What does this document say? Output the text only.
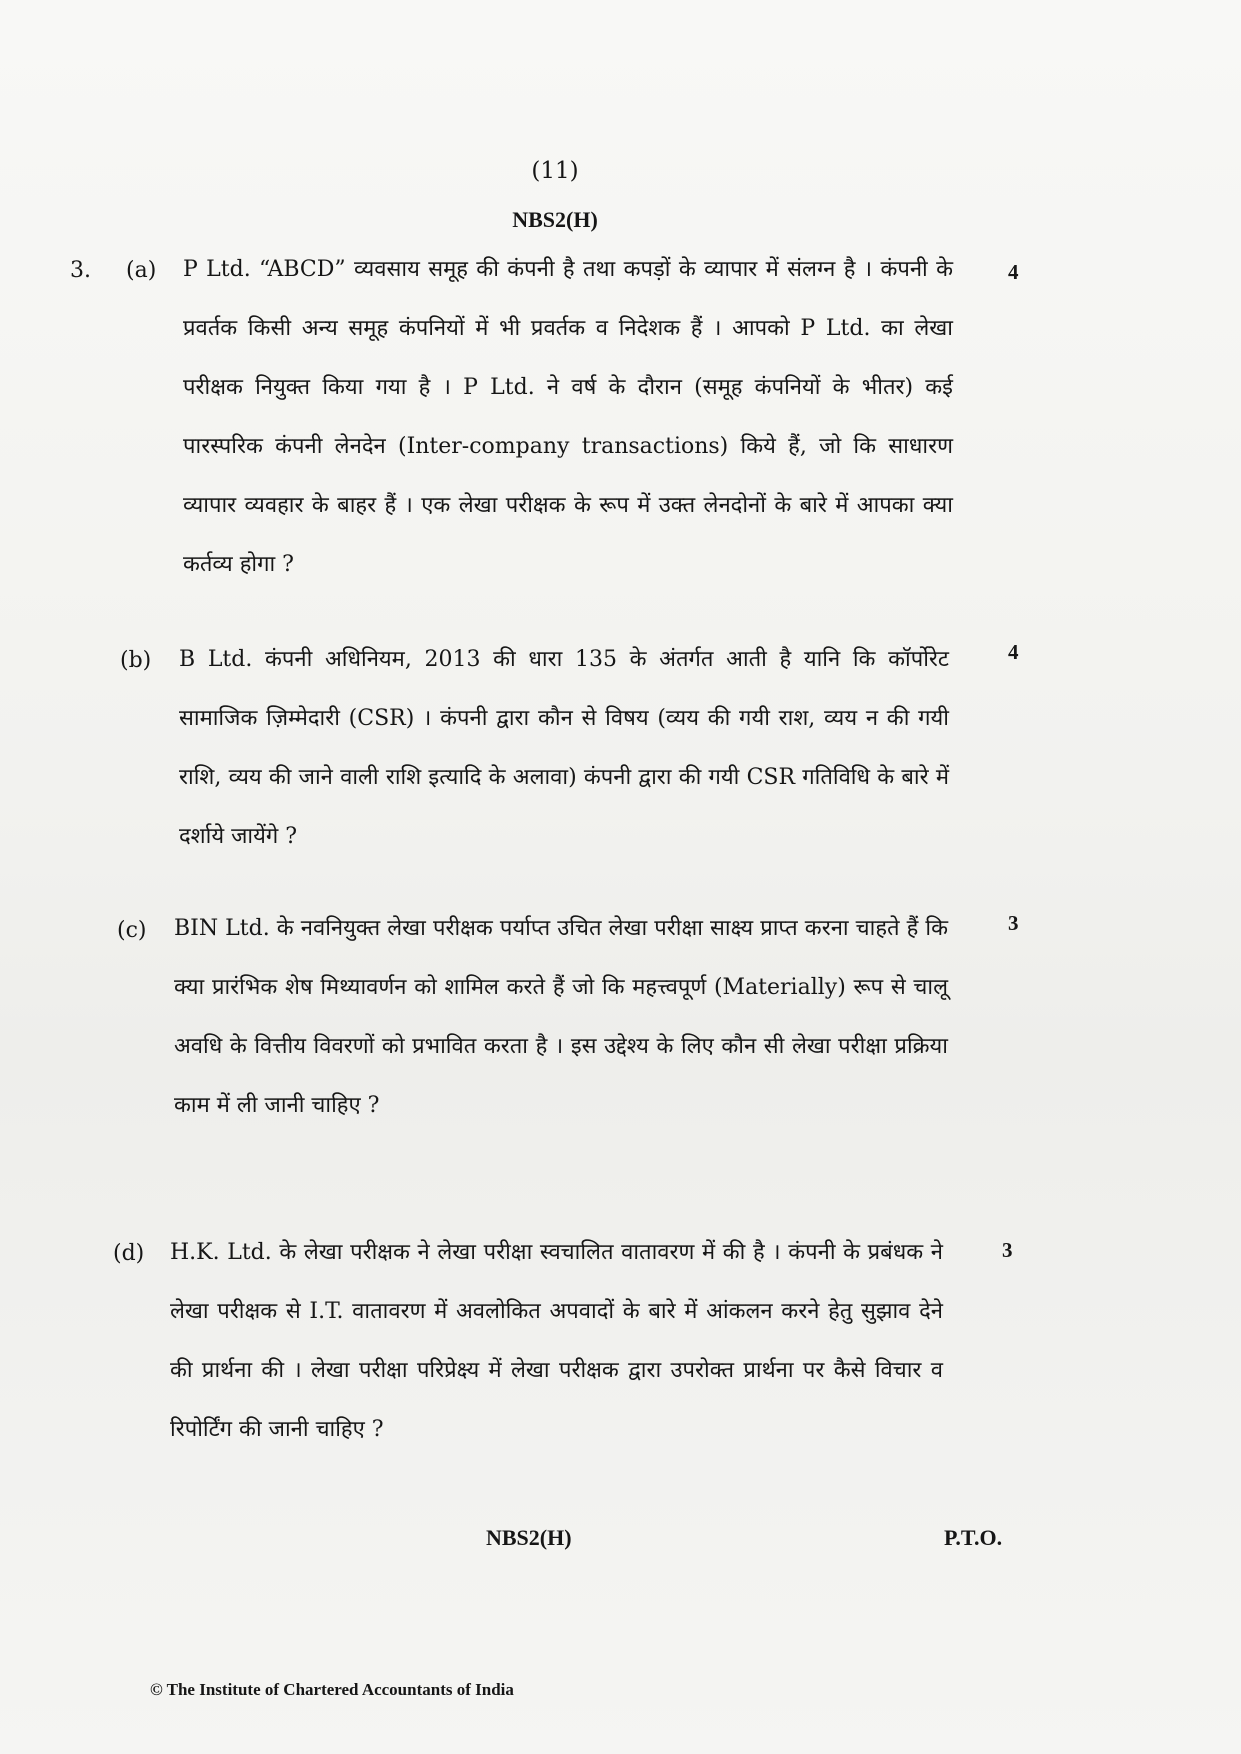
(11)
NBS2(H)
3. (a)	4

P Ltd. “ABCD” व्यवसाय समूह की कंपनी है तथा कपड़ों के व्यापार में संलग्न है । कंपनी के प्रवर्तक किसी अन्य समूह कंपनियों में भी प्रवर्तक व निदेशक हैं । आपको P Ltd. का लेखा परीक्षक नियुक्त किया गया है । P Ltd. ने वर्ष के दौरान (समूह कंपनियों के भीतर) कई पारस्परिक कंपनी लेनदेन (Inter-company transactions) किये हैं, जो कि साधारण व्यापार व्यवहार के बाहर हैं । एक लेखा परीक्षक के रूप में उक्त लेनदोनों के बारे में आपका क्या कर्तव्य होगा ?

(b)	4

B Ltd. कंपनी अधिनियम, 2013 की धारा 135 के अंतर्गत आती है यानि कि कॉर्पोरेट सामाजिक ज़िम्मेदारी (CSR) । कंपनी द्वारा कौन से विषय (व्यय की गयी राश, व्यय न की गयी राशि, व्यय की जाने वाली राशि इत्यादि के अलावा) कंपनी द्वारा की गयी CSR गतिविधि के बारे में दर्शाये जायेंगे ?

(c)	3

BIN Ltd. के नवनियुक्त लेखा परीक्षक पर्याप्त उचित लेखा परीक्षा साक्ष्य प्राप्त करना चाहते हैं कि क्या प्रारंभिक शेष मिथ्यावर्णन को शामिल करते हैं जो कि महत्त्वपूर्ण (Materially) रूप से चालू अवधि के वित्तीय विवरणों को प्रभावित करता है । इस उद्देश्य के लिए कौन सी लेखा परीक्षा प्रक्रिया काम में ली जानी चाहिए ?

(d)	3

H.K. Ltd. के लेखा परीक्षक ने लेखा परीक्षा स्वचालित वातावरण में की है । कंपनी के प्रबंधक ने लेखा परीक्षक से I.T. वातावरण में अवलोकित अपवादों के बारे में आंकलन करने हेतु सुझाव देने की प्रार्थना की । लेखा परीक्षा परिप्रेक्ष्य में लेखा परीक्षक द्वारा उपरोक्त प्रार्थना पर कैसे विचार व रिपोर्टिंग की जानी चाहिए ?

NBS2(H)	P.T.O.
© The Institute of Chartered Accountants of India
